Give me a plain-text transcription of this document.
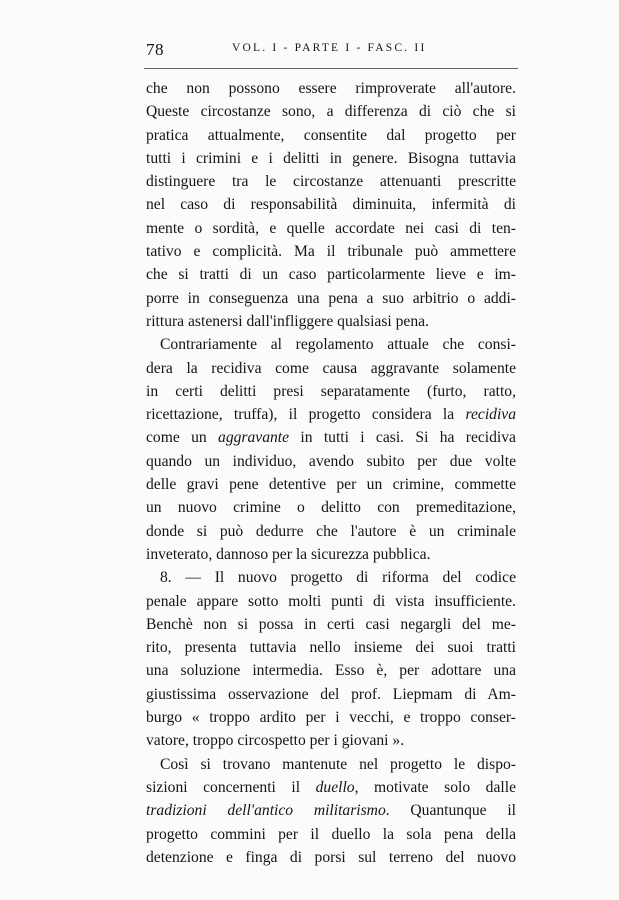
78	VOL. I - PARTE I - FASC. II
che non possono essere rimproverate all'autore.
Queste circostanze sono, a differenza di ciò che si
pratica attualmente, consentite dal progetto per
tutti i crimini e i delitti in genere. Bisogna tuttavia
distinguere tra le circostanze attenuanti prescritte
nel caso di responsabilità diminuita, infermità di
mente o sordità, e quelle accordate nei casi di ten-
tativo e complicità. Ma il tribunale può ammettere
che si tratti di un caso particolarmente lieve e im-
porre in conseguenza una pena a suo arbitrio o addi-
rittura astenersi dall'infliggere qualsiasi pena.
Contrariamente al regolamento attuale che consi-
dera la recidiva come causa aggravante solamente
in certi delitti presi separatamente (furto, ratto,
ricettazione, truffa), il progetto considera la recidiva
come un aggravante in tutti i casi. Si ha recidiva
quando un individuo, avendo subito per due volte
delle gravi pene detentive per un crimine, commette
un nuovo crimine o delitto con premeditazione,
donde si può dedurre che l'autore è un criminale
inveterato, dannoso per la sicurezza pubblica.
8. — Il nuovo progetto di riforma del codice
penale appare sotto molti punti di vista insufficiente.
Benchè non si possa in certi casi negargli del me-
rito, presenta tuttavia nello insieme dei suoi tratti
una soluzione intermedia. Esso è, per adottare una
giustissima osservazione del prof. Liepmam di Am-
burgo « troppo ardito per i vecchi, e troppo conser-
vatore, troppo circospetto per i giovani ».
Così si trovano mantenute nel progetto le dispo-
sizioni concernenti il duello, motivate solo dalle
tradizioni dell'antico militarismo. Quantunque il
progetto commini per il duello la sola pena della
detenzione e finga di porsi sul terreno del nuovo
